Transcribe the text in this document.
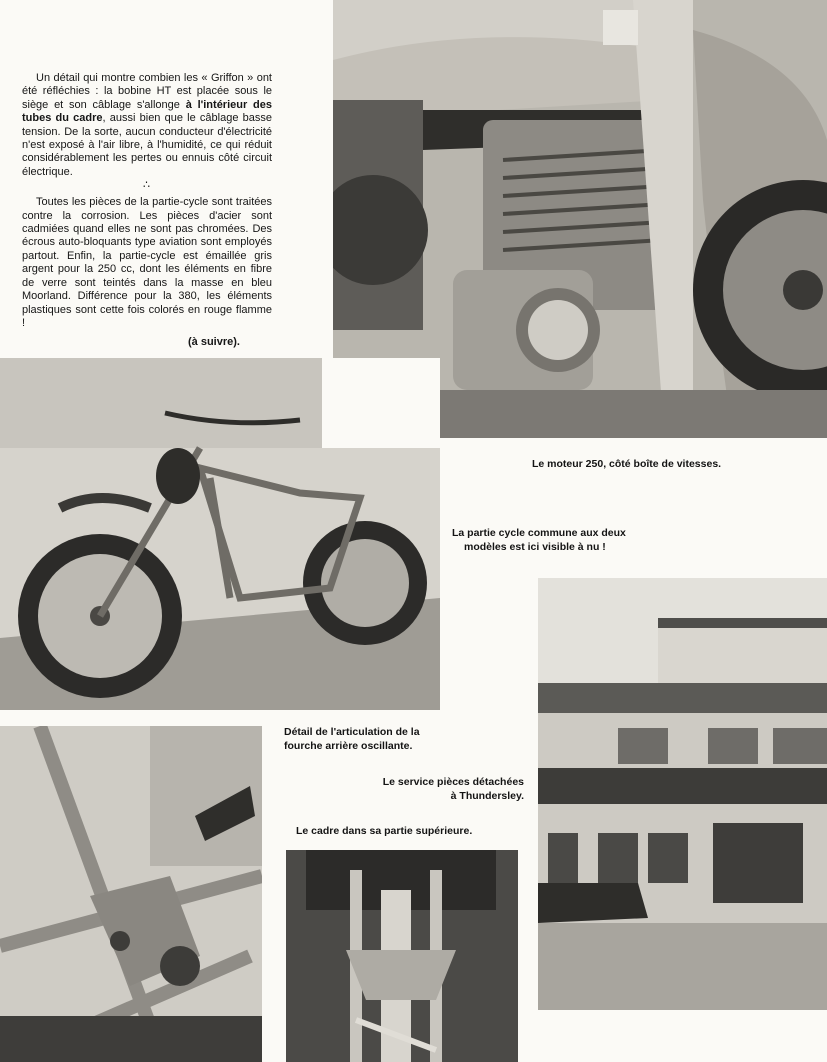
Un détail qui montre combien les « Griffon » ont été réfléchies : la bobine HT est placée sous le siège et son câblage s'allonge à l'intérieur des tubes du cadre, aussi bien que le câblage basse tension. De la sorte, aucun conducteur d'électricité n'est exposé à l'air libre, à l'humidité, ce qui réduit considérablement les pertes ou ennuis côté circuit électrique.

∴

Toutes les pièces de la partie-cycle sont traitées contre la corrosion. Les pièces d'acier sont cadmiées quand elles ne sont pas chromées. Des écrous auto-bloquants type aviation sont employés partout. Enfin, la partie-cycle est émaillée gris argent pour la 250 cc, dont les éléments en fibre de verre sont teintés dans la masse en bleu Moorland. Différence pour la 380, les éléments plastiques sont cette fois colorés en rouge flamme !

(à suivre).
Le moteur 250, côté boîte de vitesses.
La partie cycle commune aux deux
modèles est ici visible à nu !
Détail de l'articulation de la
fourche arrière oscillante.
Le service pièces détachées
à Thundersley.
Le cadre dans sa partie supérieure.
